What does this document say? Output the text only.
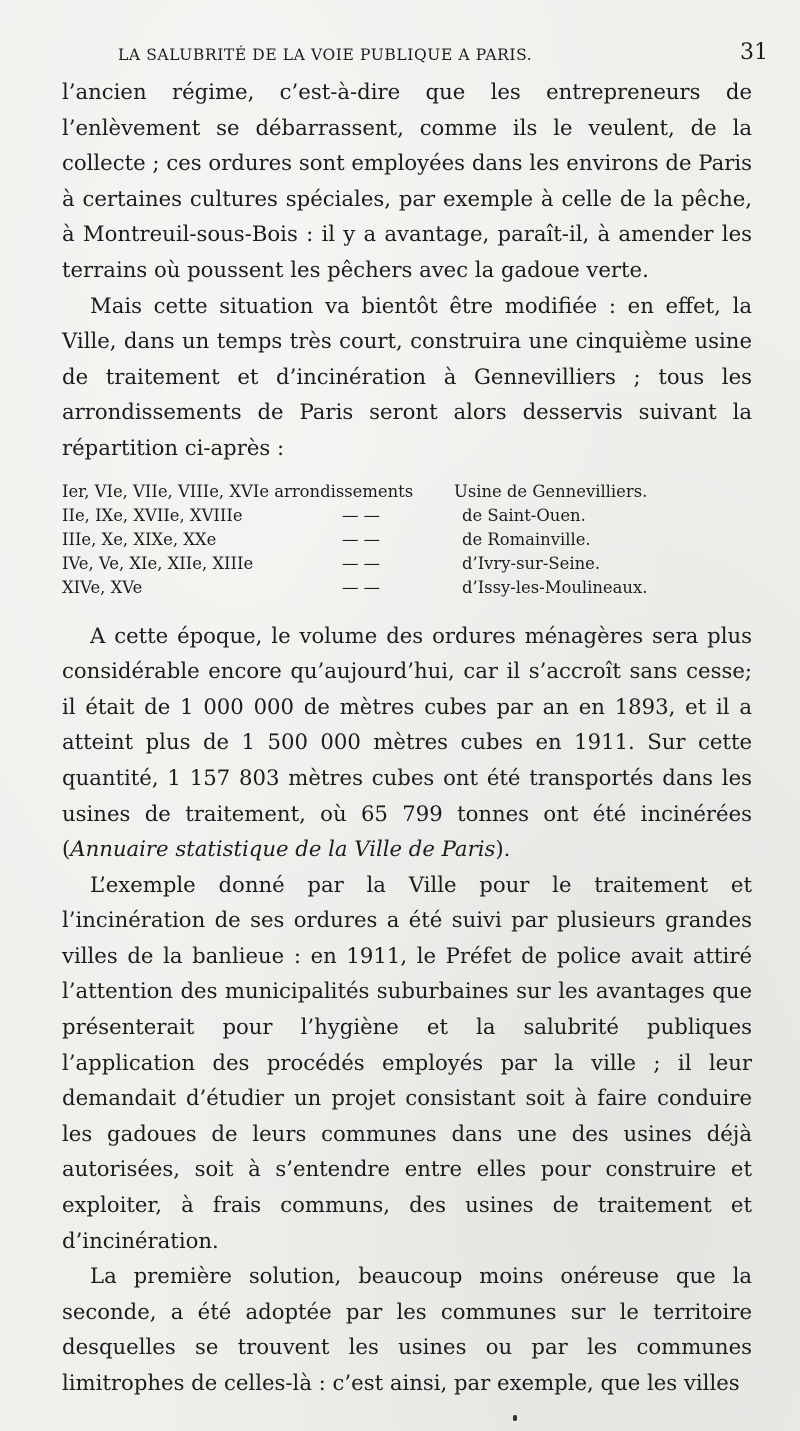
LA SALUBRITÉ DE LA VOIE PUBLIQUE A PARIS.	31

l’ancien régime, c’est-à-dire que les entrepreneurs de l’enlèvement se débarrassent, comme ils le veulent, de la collecte ; ces ordures sont employées dans les environs de Paris à certaines cultures spéciales, par exemple à celle de la pêche, à Montreuil-sous-Bois : il y a avantage, paraît-il, à amender les terrains où poussent les pêchers avec la gadoue verte.

Mais cette situation va bientôt être modifiée : en effet, la Ville, dans un temps très court, construira une cinquième usine de traitement et d’incinération à Gennevilliers ; tous les arrondissements de Paris seront alors desservis suivant la répartition ci-après :

Ier, VIe, VIIe, VIIIe, XVIe arrondissements	Usine de Gennevilliers.
IIe, IXe, XVIIe, XVIIIe	— —	de Saint-Ouen.
IIIe, Xe, XIXe, XXe	— —	de Romainville.
IVe, Ve, XIe, XIIe, XIIIe	— —	d’Ivry-sur-Seine.
XIVe, XVe	— —	d’Issy-les-Moulineaux.

A cette époque, le volume des ordures ménagères sera plus considérable encore qu’aujourd’hui, car il s’accroît sans cesse; il était de 1 000 000 de mètres cubes par an en 1893, et il a atteint plus de 1 500 000 mètres cubes en 1911. Sur cette quantité, 1 157 803 mètres cubes ont été transportés dans les usines de traitement, où 65 799 tonnes ont été incinérées (Annuaire statistique de la Ville de Paris).

L’exemple donné par la Ville pour le traitement et l’incinération de ses ordures a été suivi par plusieurs grandes villes de la banlieue : en 1911, le Préfet de police avait attiré l’attention des municipalités suburbaines sur les avantages que présenterait pour l’hygiène et la salubrité publiques l’application des procédés employés par la ville ; il leur demandait d’étudier un projet consistant soit à faire conduire les gadoues de leurs communes dans une des usines déjà autorisées, soit à s’entendre entre elles pour construire et exploiter, à frais communs, des usines de traitement et d’incinération.

La première solution, beaucoup moins onéreuse que la seconde, a été adoptée par les communes sur le territoire desquelles se trouvent les usines ou par les communes limitrophes de celles-là : c’est ainsi, par exemple, que les villes
